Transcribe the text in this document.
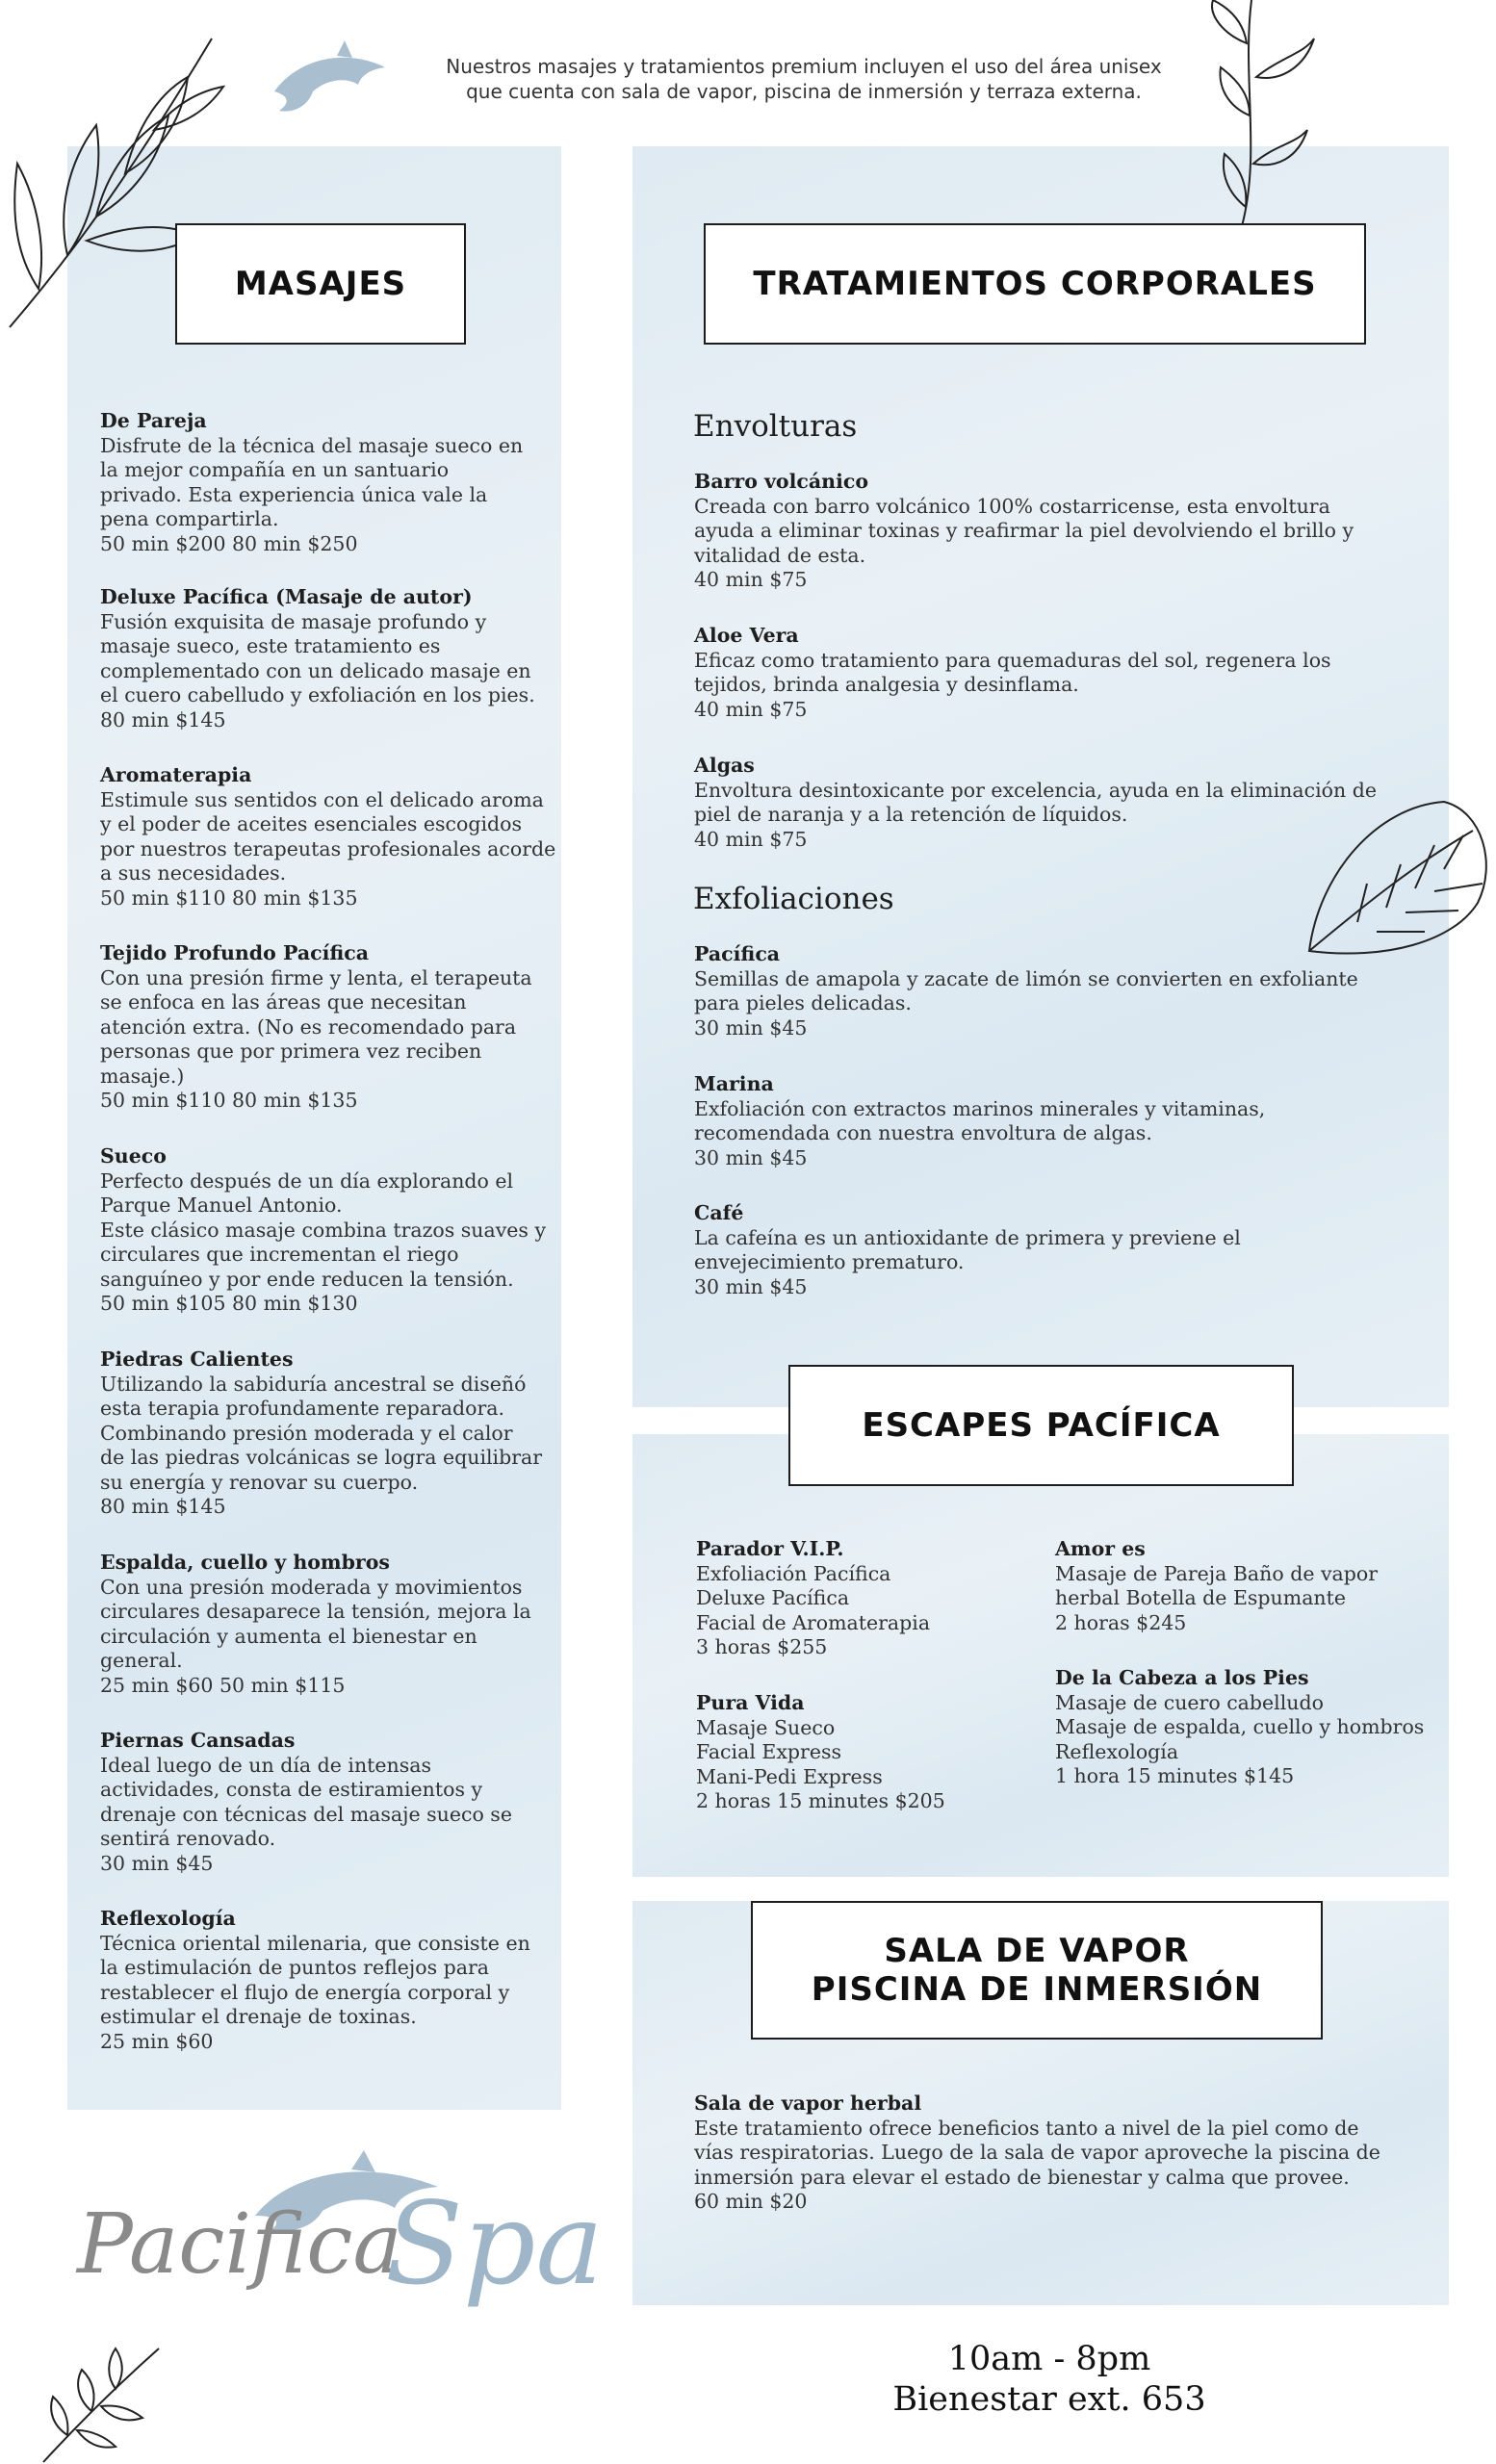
Nuestros masajes y tratamientos premium incluyen el uso del área unisex
que cuenta con sala de vapor, piscina de inmersión y terraza externa.
MASAJES	TRATAMIENTOS CORPORALES
ESCAPES PACÍFICA
SALA DE VAPOR
PISCINA DE INMERSIÓN
De Pareja
Disfrute de la técnica del masaje sueco en
la mejor compañía en un santuario
privado. Esta experiencia única vale la
pena compartirla.
50 min $200 80 min $250
Deluxe Pacífica (Masaje de autor)
Fusión exquisita de masaje profundo y
masaje sueco, este tratamiento es
complementado con un delicado masaje en
el cuero cabelludo y exfoliación en los pies.
80 min $145
Aromaterapia
Estimule sus sentidos con el delicado aroma
y el poder de aceites esenciales escogidos
por nuestros terapeutas profesionales acorde
a sus necesidades.
50 min $110 80 min $135
Tejido Profundo Pacífica
Con una presión firme y lenta, el terapeuta
se enfoca en las áreas que necesitan
atención extra. (No es recomendado para
personas que por primera vez reciben
masaje.)
50 min $110 80 min $135
Sueco
Perfecto después de un día explorando el
Parque Manuel Antonio.
Este clásico masaje combina trazos suaves y
circulares que incrementan el riego
sanguíneo y por ende reducen la tensión.
50 min $105 80 min $130
Piedras Calientes
Utilizando la sabiduría ancestral se diseñó
esta terapia profundamente reparadora.
Combinando presión moderada y el calor
de las piedras volcánicas se logra equilibrar
su energía y renovar su cuerpo.
80 min $145
Espalda, cuello y hombros
Con una presión moderada y movimientos
circulares desaparece la tensión, mejora la
circulación y aumenta el bienestar en
general.
25 min $60 50 min $115
Piernas Cansadas
Ideal luego de un día de intensas
actividades, consta de estiramientos y
drenaje con técnicas del masaje sueco se
sentirá renovado.
30 min $45
Reflexología
Técnica oriental milenaria, que consiste en
la estimulación de puntos reflejos para
restablecer el flujo de energía corporal y
estimular el drenaje de toxinas.
25 min $60
Envolturas
Barro volcánico
Creada con barro volcánico 100% costarricense, esta envoltura
ayuda a eliminar toxinas y reafirmar la piel devolviendo el brillo y
vitalidad de esta.
40 min $75
Aloe Vera
Eficaz como tratamiento para quemaduras del sol, regenera los
tejidos, brinda analgesia y desinflama.
40 min $75
Algas
Envoltura desintoxicante por excelencia, ayuda en la eliminación de
piel de naranja y a la retención de líquidos.
40 min $75
Exfoliaciones
Pacífica
Semillas de amapola y zacate de limón se convierten en exfoliante
para pieles delicadas.
30 min $45
Marina
Exfoliación con extractos marinos minerales y vitaminas,
recomendada con nuestra envoltura de algas.
30 min $45
Café
La cafeína es un antioxidante de primera y previene el
envejecimiento prematuro.
30 min $45
Parador V.I.P.
Exfoliación Pacífica
Deluxe Pacífica
Facial de Aromaterapia
3 horas $255
Pura Vida
Masaje Sueco
Facial Express
Mani-Pedi Express
2 horas 15 minutes $205
Amor es
Masaje de Pareja Baño de vapor
herbal Botella de Espumante
2 horas $245
De la Cabeza a los Pies
Masaje de cuero cabelludo
Masaje de espalda, cuello y hombros
Reflexología
1 hora 15 minutes $145
Sala de vapor herbal
Este tratamiento ofrece beneficios tanto a nivel de la piel como de
vías respiratorias. Luego de la sala de vapor aproveche la piscina de
inmersión para elevar el estado de bienestar y calma que provee.
60 min $20
Pacifica
Spa
10am - 8pm
Bienestar ext. 653
